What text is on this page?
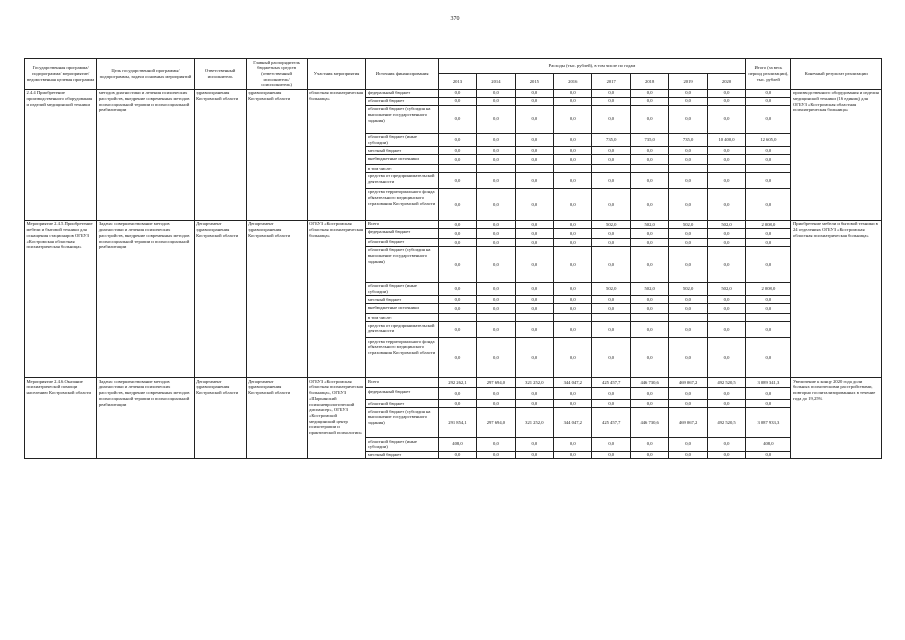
370
Государственная программа/подпрограмма/ мероприятие/ ведомственная целевая программа	Цель государственной программы/подпрограммы, задачи основных мероприятий	Ответственный исполнитель	Главный распорядитель бюджетных средств (ответственный исполнитель/ соисполнитель)	Участник мероприятия	Источник финансирования	Расходы (тыс. рублей), в том числе по годам								Итого (за весь период реализации), тыс. рублей	Конечный результат реализации
						2013	2014	2015	2016	2017	2018	2019	2020		
2.4.4 Приобретение производственного оборудования и изделий медицинской техники	методов диагностики и лечения психических расстройств, внедрение современных методов психосоциальной терапии и психосоциальной реабилитации	здравоохранения Костромской области	здравоохранения Костромской области	областная психиатрическая больница»	федеральный бюджет	0,0	0,0	0,0	0,0	0,0	0,0	0,0	0,0	0,0	производственного оборудования и изделия медицинской техники (16 единиц) для ОГБУЗ «Костромская областная психиатрическая больница»
					областной бюджет	0,0	0,0	0,0	0,0	0,0	0,0	0,0	0,0	0,0	
					областной бюджет (субсидия на выполнение государственного задания)	0,0	0,0	0,0	0,0	0,0	0,0	0,0	0,0	0,0	
					областной бюджет (иные субсидии)	0,0	0,0	0,0	0,0	735,0	735,0	735,0	10 400,0	12 605,0	
					местный бюджет	0,0	0,0	0,0	0,0	0,0	0,0	0,0	0,0	0,0	
					внебюджетные источники	0,0	0,0	0,0	0,0	0,0	0,0	0,0	0,0	0,0	
					в том числе:										
					средства от предпринимательской деятельности	0,0	0,0	0,0	0,0	0,0	0,0	0,0	0,0	0,0	
					средства территориального фонда обязательного медицинского страхования Костромской области	0,0	0,0	0,0	0,0	0,0	0,0	0,0	0,0	0,0	
Мероприятие 2.4.5.Приобретение мебели и бытовой техники для оснащения стационаров ОГБУЗ «Костромская областная психиатрическая больница»	Задача: совершенствование методов диагностики и лечения психических расстройств, внедрение современных методов психосоциальной терапии и психосоциальной реабилитации	Департамент здравоохранения Костромской области	Департамент здравоохранения Костромской области	ОГБУЗ «Костромская областная психиатрическая больница»	Всего	0,0	0,0	0,0	0,0	502,0	502,0	502,0	502,0	2 008,0	Приобретение мебели и бытовой техники в 24 отделениях ОГБУЗ «Костромская областная психиатрическая больница»
					федеральный бюджет	0,0	0,0	0,0	0,0	0,0	0,0	0,0	0,0	0,0	
					областной бюджет	0,0	0,0	0,0	0,0	0,0	0,0	0,0	0,0	0,0	
					областной бюджет (субсидия на выполнение государственного задания)	0,0	0,0	0,0	0,0	0,0	0,0	0,0	0,0	0,0	
					областной бюджет (иные субсидии)	0,0	0,0	0,0	0,0	502,0	502,0	502,0	502,0	2 008,0	
					местный бюджет	0,0	0,0	0,0	0,0	0,0	0,0	0,0	0,0	0,0	
					внебюджетные источники	0,0	0,0	0,0	0,0	0,0	0,0	0,0	0,0	0,0	
					в том числе:										
					средства от предпринимательской деятельности	0,0	0,0	0,0	0,0	0,0	0,0	0,0	0,0	0,0	
					средства территориального фонда обязательного медицинского страхования Костромской области	0,0	0,0	0,0	0,0	0,0	0,0	0,0	0,0	0,0	
Мероприятие 2.4.6.Оказание психиатрической помощи населению Костромской области	Задача: совершенствование методов диагностики и лечения психических расстройств, внедрение современных методов психосоциальной терапии и психосоциальной реабилитации	Департамент здравоохранения Костромской области	Департамент здравоохранения Костромской области	ОГБУЗ «Костромская областная психиатрическая больница», ОГБУЗ «Шарьинский психоневрологический диспансер», ОГБУЗ «Костромской медицинский центр психотерапии и практической психологии»	Всего	292 262,1	297 694,0	321 252,0	344 047,2	425 457,7	446 730,6	469 067,2	492 520,5	3 089 341,3	Увеличение к концу 2020 года доли больных психическими расстройствами, повторно госпитализированных в течение года до 19,25%
					федеральный бюджет	0,0	0,0	0,0	0,0	0,0	0,0	0,0	0,0	0,0	
					областной бюджет	0,0	0,0	0,0	0,0	0,0	0,0	0,0	0,0	0,0	
					областной бюджет (субсидия на выполнение государственного задания)	291 854,1	297 694,0	321 252,0	344 047,2	425 457,7	446 730,6	469 067,2	492 520,5	3 087 933,3	
					областной бюджет (иные субсидии)	408,0	0,0	0,0	0,0	0,0	0,0	0,0	0,0	408,0	
					местный бюджет	0,0	0,0	0,0	0,0	0,0	0,0	0,0	0,0	0,0	
